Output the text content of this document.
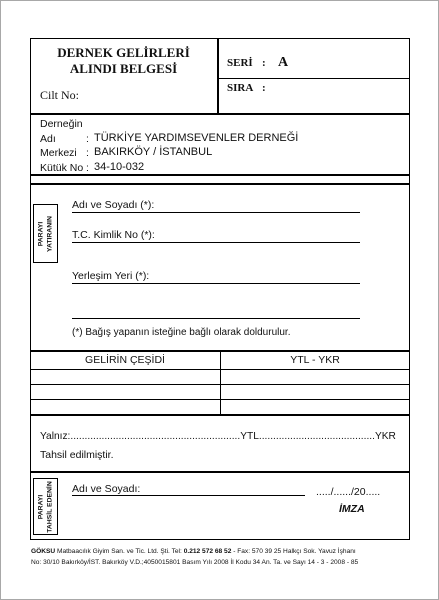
DERNEK GELİRLERİ
ALINDI BELGESİ
Cilt No:
SERİ : A
SIRA :
Derneğin
Adı	: TÜRKİYE YARDIMSEVENLER DERNEĞİ
Merkezi : BAKIRKÖY / İSTANBUL
Kütük No : 34-10-032
PARAYI YATIRANIN
Adı ve Soyadı (*):
T.C. Kimlik No (*):
Yerleşim Yeri (*):
(*) Bağış yapanın isteğine bağlı olarak doldurulur.
GELİRİN ÇEŞİDİ	YTL - YKR
Yalnız:............................................................YTL.........................................YKR
Tahsil edilmiştir.
PARAYI TAHSİL EDENİN Adı ve Soyadı:	...../....../20.....
İMZA
GÖKSU Matbaacılık Giyim San. ve Tic. Ltd. Şti. Tel: 0.212 572 68 52 - Fax: 570 39 25 Halkçı Sok. Yavuz İşhanı
No: 30/10 Bakırköy/İST. Bakırköy V.D.;4050015801 Basım Yılı 2008 İl Kodu 34 An. Ta. ve Sayı 14 - 3 - 2008 - 85
